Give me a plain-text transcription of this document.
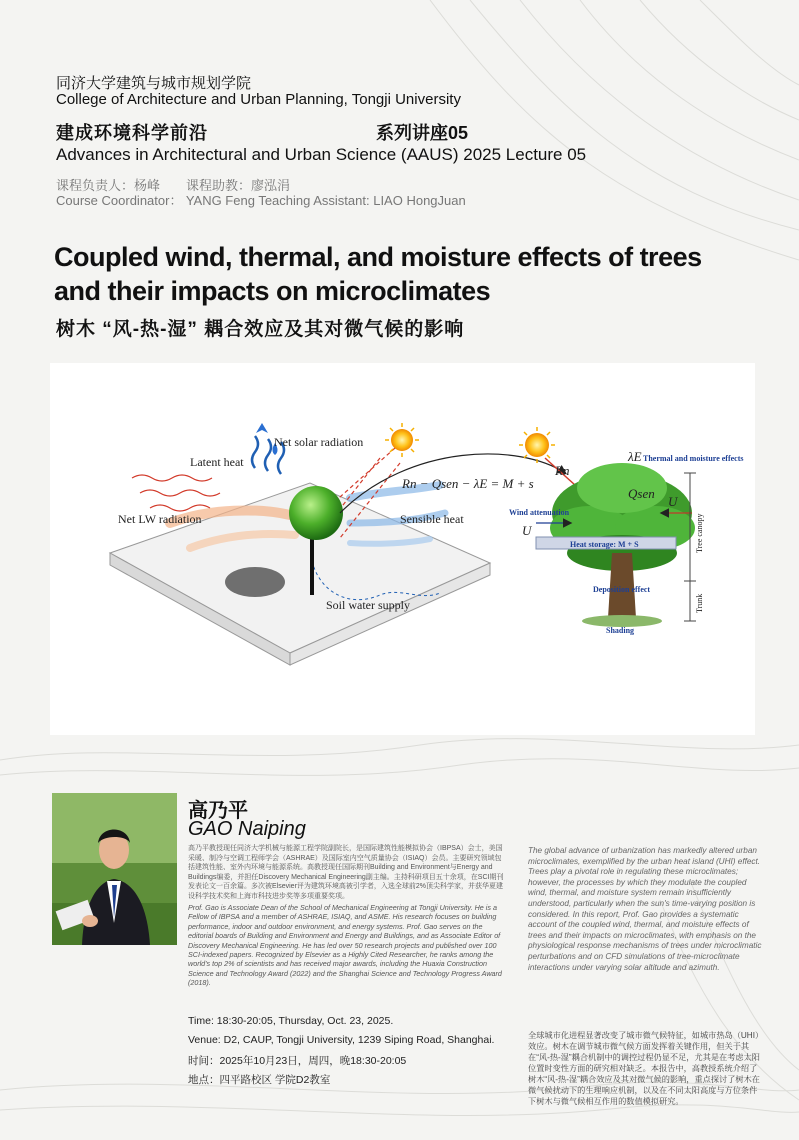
同济大学建筑与城市规划学院
College of Architecture and Urban Planning, Tongji University
建成环境科学前沿	系列讲座05
Advances in Architectural and Urban Science (AAUS) 2025 Lecture 05
课程负责人：杨峰　　课程助教：廖泓涓
Course Coordinator： YANG Feng Teaching Assistant: LIAO HongJuan
Coupled wind, thermal, and moisture effects of trees and their impacts on microclimates
树木 “风-热-湿” 耦合效应及其对微气候的影响
Latent heat
Net solar radiation
Net LW radiation	Sensible heat
Soil water supply
Rn − Qsen − λE = M + s
Thermal and moisture effects
Wind attenuation
Heat storage: M + S
Deposition effect
Shading
Tree canopy
Trunk
Rn
λE
Qsen
U
U
高乃平
GAO Naiping
高乃平教授现任同济大学机械与能源工程学院副院长，是国际建筑性能模拟协会（IBPSA）会士，美国采暖、制冷与空调工程师学会（ASHRAE）及国际室内空气质量协会（ISIAQ）会员。主要研究领域包括建筑性能、室外内环境与能源系统。高教授现任国际期刊Building and Environment与Energy and Buildings编委，并担任Discovery Mechanical Engineering副主编。主持科研项目五十余项，在SCI期刊发表论文一百余篇。多次被Elsevier评为建筑环境高被引学者，入选全球前2%顶尖科学家，并获华夏建设科学技术奖和上海市科技进步奖等多项重要奖项。
Prof. Gao is Associate Dean of the School of Mechanical Engineering at Tongji University. He is a Fellow of IBPSA and a member of ASHRAE, ISIAQ, and ASME. His research focuses on building performance, indoor and outdoor environment, and energy systems. Prof. Gao serves on the editorial boards of Building and Environment and Energy and Buildings, and as Associate Editor of Discovery Mechanical Engineering. He has led over 50 research projects and published over 100 SCI-indexed papers. Recognized by Elsevier as a Highly Cited Researcher, he ranks among the world's top 2% of scientists and has received major awards, including the Huaxia Construction Science and Technology Award (2022) and the Shanghai Science and Technology Progress Award (2018).
The global advance of urbanization has markedly altered urban microclimates, exemplified by the urban heat island (UHI) effect. Trees play a pivotal role in regulating these microclimates; however, the processes by which they modulate the coupled wind, thermal, and moisture system remain insufficiently understood, particularly when the sun's time-varying position is considered. In this report, Prof. Gao provides a systematic account of the coupled wind, thermal, and moisture effects of trees and their impacts on microclimates, with emphasis on the physiological response mechanisms of trees under microclimatic perturbations and on CFD simulations of tree-microclimate interactions under varying solar altitude and azimuth.
全球城市化进程显著改变了城市微气候特征，如城市热岛（UHI）效应。树木在调节城市微气候方面发挥着关键作用，但关于其在“风-热-湿”耦合机制中的调控过程仍显不足，尤其是在考虑太阳位置时变性方面的研究相对缺乏。本报告中，高教授系统介绍了树木“风-热-湿”耦合效应及其对微气候的影响，重点探讨了树木在微气候扰动下的生理响应机制，以及在不同太阳高度与方位条件下树木与微气候相互作用的数值模拟研究。
Time: 18:30-20:05, Thursday, Oct. 23, 2025.
Venue: D2, CAUP, Tongji University, 1239 Siping Road, Shanghai.
时间：2025年10月23日，周四，晚18:30-20:05
地点：四平路校区 学院D2教室
